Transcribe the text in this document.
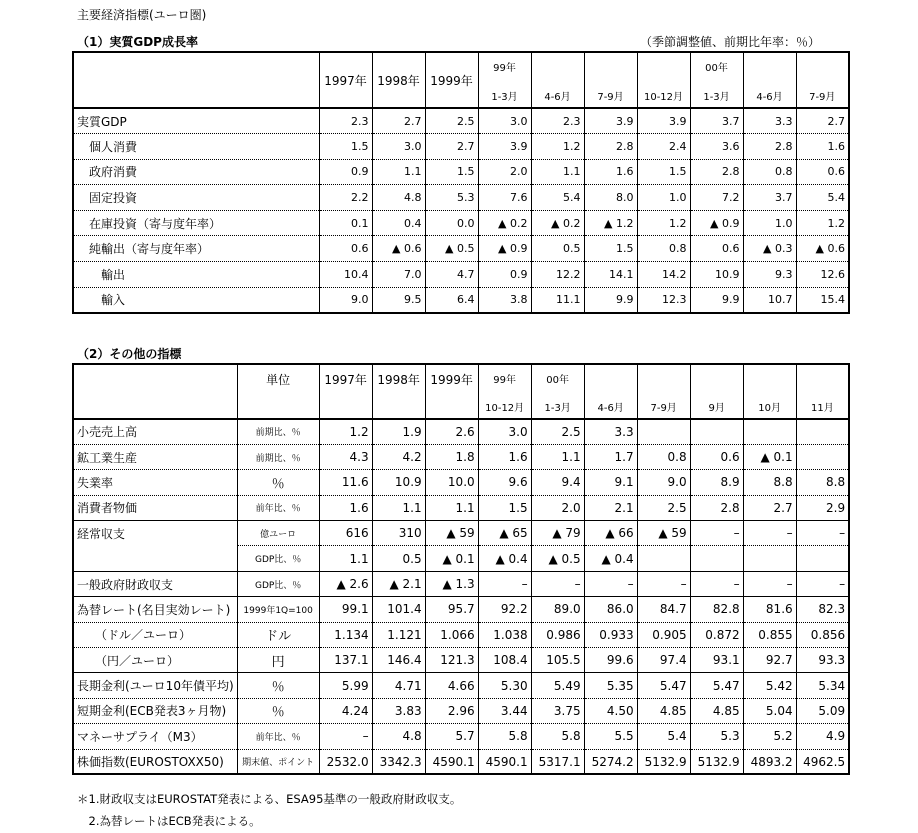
主要経済指標(ユーロ圏)
（1）実質GDP成長率	（季節調整値、前期比年率：％）
	1997年	1998年	1999年	99年				00年		
				1-3月	4-6月	7-9月	10-12月	1-3月	4-6月	7-9月
実質GDP	2.3	2.7	2.5	3.0	2.3	3.9	3.9	3.7	3.3	2.7
　個人消費	1.5	3.0	2.7	3.9	1.2	2.8	2.4	3.6	2.8	1.6
　政府消費	0.9	1.1	1.5	2.0	1.1	1.6	1.5	2.8	0.8	0.6
　固定投資	2.2	4.8	5.3	7.6	5.4	8.0	1.0	7.2	3.7	5.4
　在庫投資（寄与度年率）	0.1	0.4	0.0	▲ 0.2	▲ 0.2	▲ 1.2	1.2	▲ 0.9	1.0	1.2
　純輸出（寄与度年率）	0.6	▲ 0.6	▲ 0.5	▲ 0.9	0.5	1.5	0.8	0.6	▲ 0.3	▲ 0.6
　　輸出	10.4	7.0	4.7	0.9	12.2	14.1	14.2	10.9	9.3	12.6
　　輸入	9.0	9.5	6.4	3.8	11.1	9.9	12.3	9.9	10.7	15.4
（2）その他の指標
	単位	1997年	1998年	1999年	99年	00年					
					10-12月	1-3月	4-6月	7-9月	9月	10月	11月
小売売上高	前期比、％	1.2	1.9	2.6	3.0	2.5	3.3				
鉱工業生産	前期比、％	4.3	4.2	1.8	1.6	1.1	1.7	0.8	0.6	▲ 0.1	
失業率	％	11.6	10.9	10.0	9.6	9.4	9.1	9.0	8.9	8.8	8.8
消費者物価	前年比、％	1.6	1.1	1.1	1.5	2.0	2.1	2.5	2.8	2.7	2.9
経常収支	億ユーロ	616	310	▲ 59	▲ 65	▲ 79	▲ 66	▲ 59	–	–	–
	GDP比、％	1.1	0.5	▲ 0.1	▲ 0.4	▲ 0.5	▲ 0.4				
一般政府財政収支	GDP比、％	▲ 2.6	▲ 2.1	▲ 1.3	–	–	–	–	–	–	–
為替レート(名目実効レート)	1999年1Q=100	99.1	101.4	95.7	92.2	89.0	86.0	84.7	82.8	81.6	82.3
　　（ドル／ユーロ）	ドル	1.134	1.121	1.066	1.038	0.986	0.933	0.905	0.872	0.855	0.856
　　（円／ユーロ）	円	137.1	146.4	121.3	108.4	105.5	99.6	97.4	93.1	92.7	93.3
長期金利(ユーロ10年債平均)	％	5.99	4.71	4.66	5.30	5.49	5.35	5.47	5.47	5.42	5.34
短期金利(ECB発表3ヶ月物)	％	4.24	3.83	2.96	3.44	3.75	4.50	4.85	4.85	5.04	5.09
マネーサプライ（M3）	前年比、％	–	4.8	5.7	5.8	5.8	5.5	5.4	5.3	5.2	4.9
株価指数(EUROSTOXX50)	期末値、ポイント	2532.0	3342.3	4590.1	4590.1	5317.1	5274.2	5132.9	5132.9	4893.2	4962.5
＊1.財政収支はEUROSTAT発表による、ESA95基準の一般政府財政収支。
　2.為替レートはECB発表による。
